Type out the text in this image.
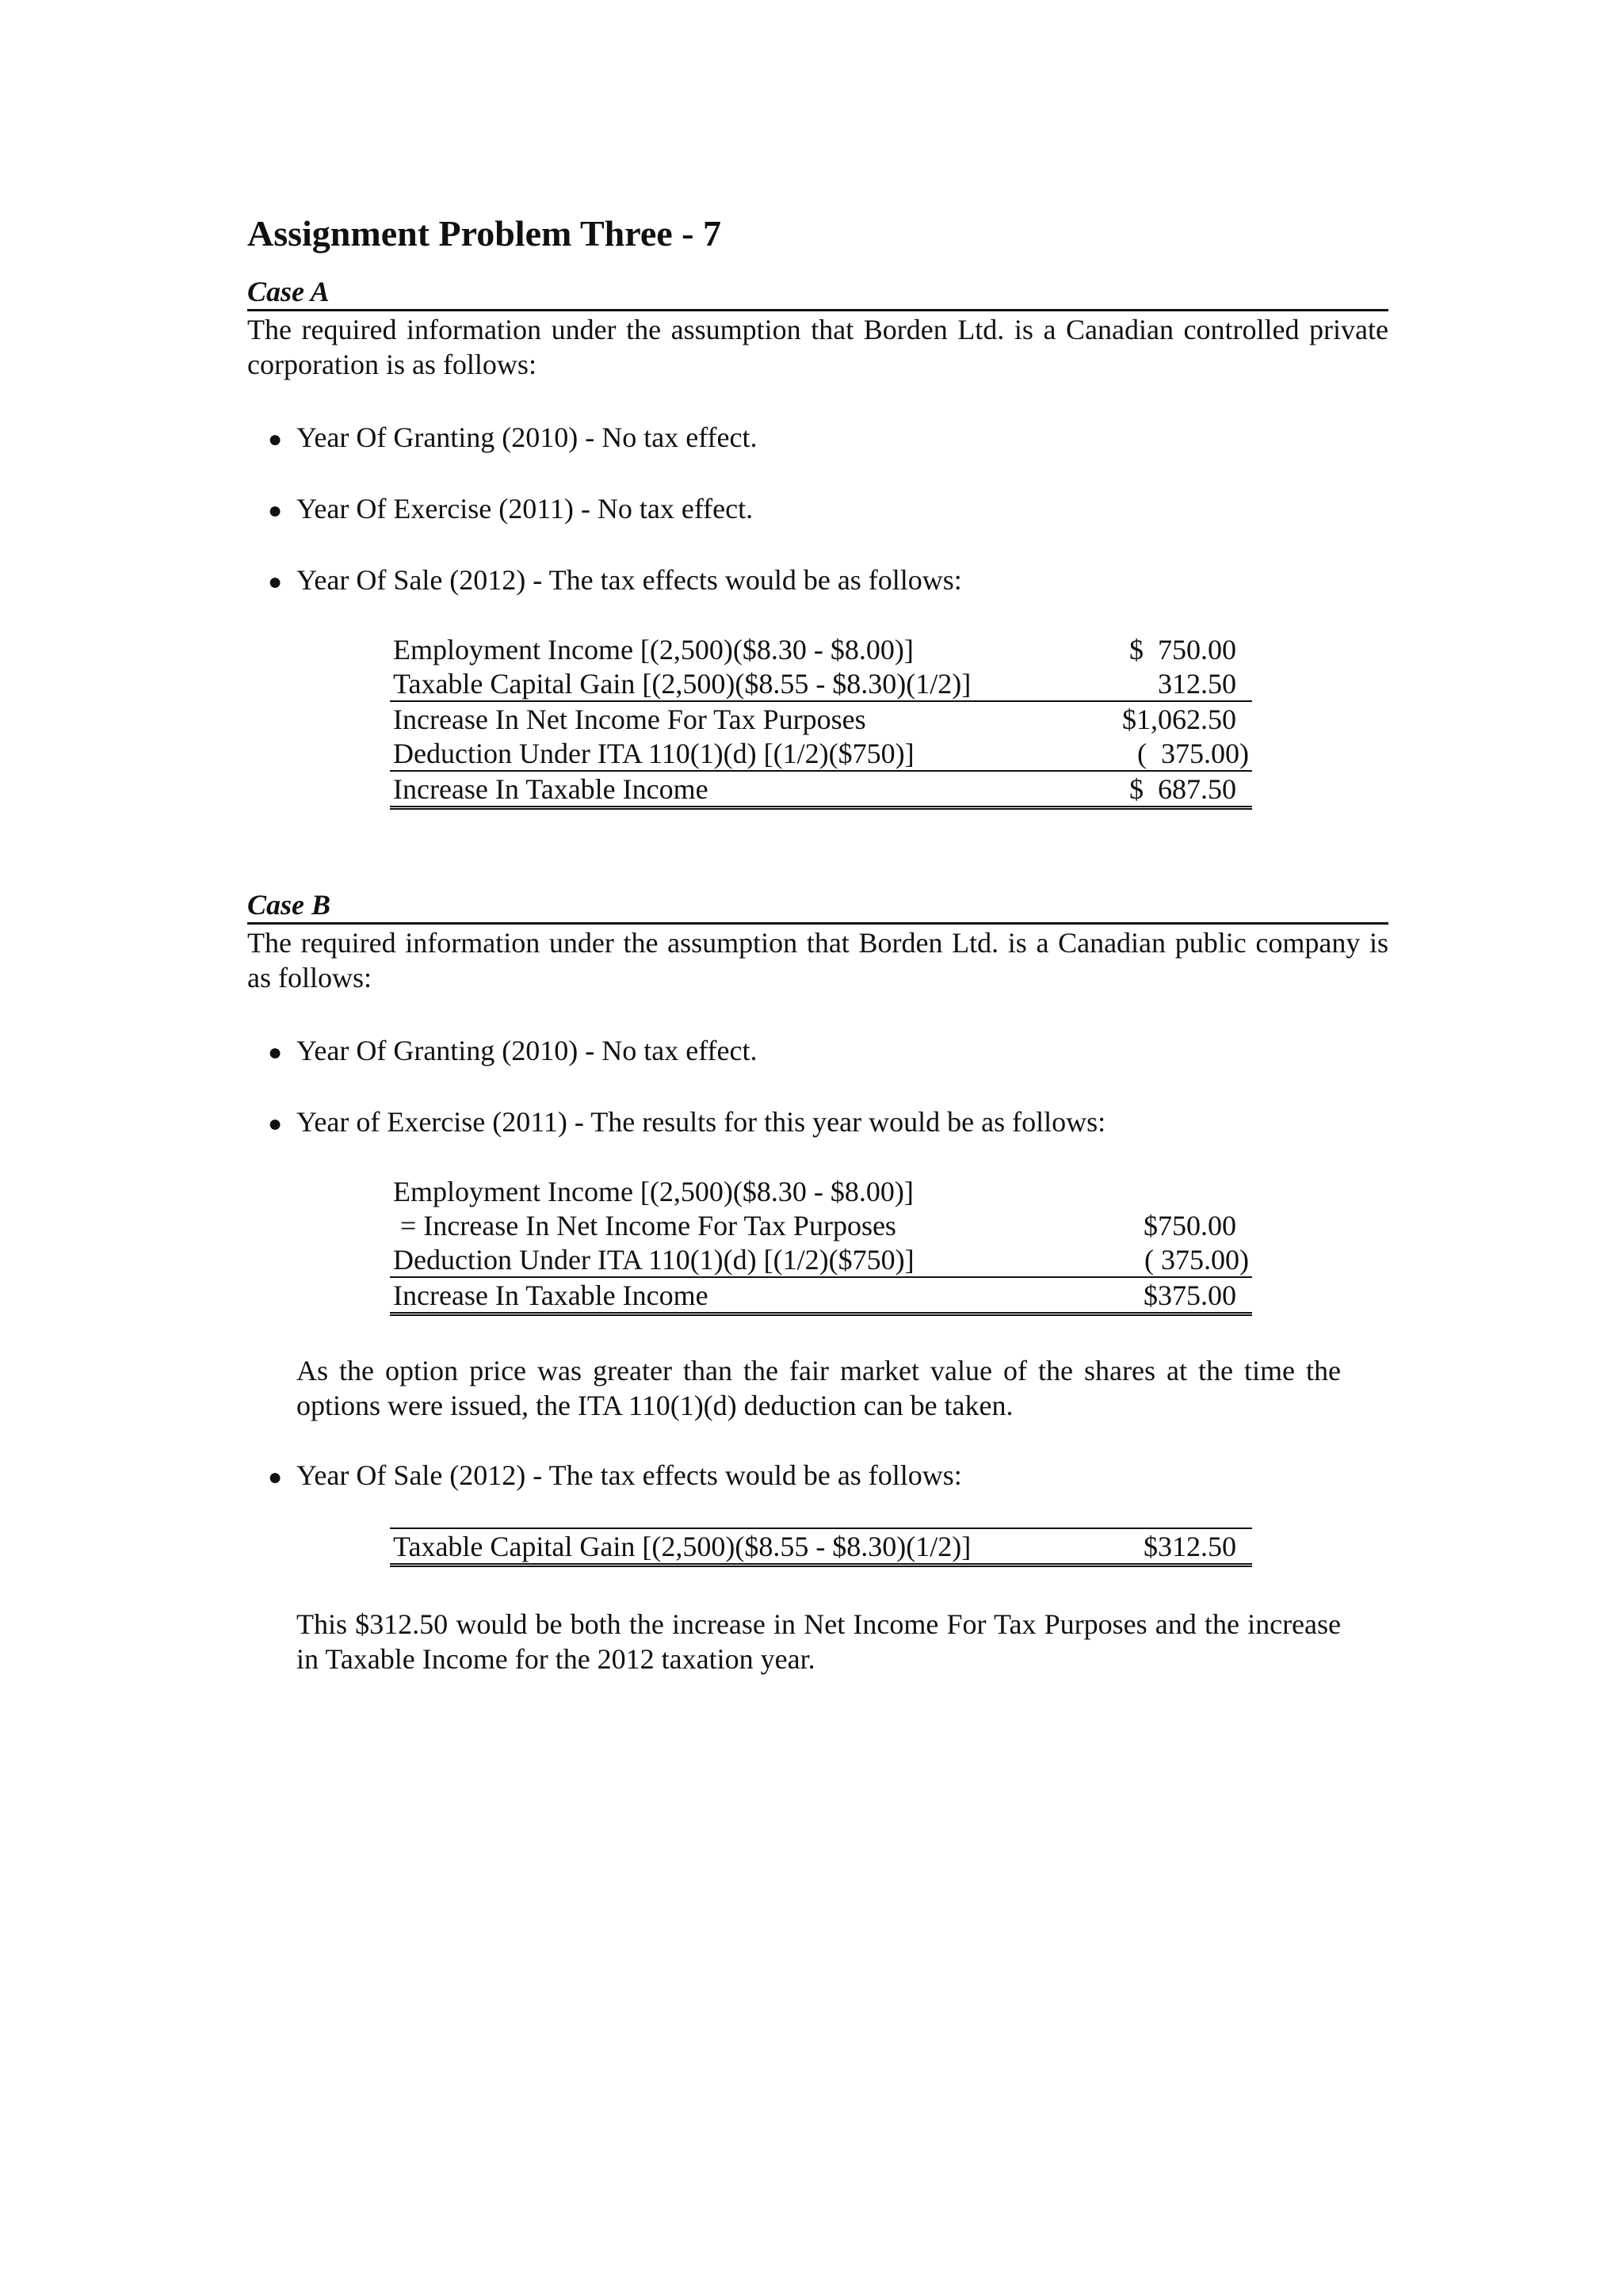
Assignment Problem Three - 7
Case A

The required information under the assumption that Borden Ltd. is a Canadian controlled private corporation is as follows:

● Year Of Granting (2010) - No tax effect.
● Year Of Exercise (2011) - No tax effect.
● Year Of Sale (2012) - The tax effects would be as follows:
Employment Income [(2,500)($8.30 - $8.00)]	$  750.00
Taxable Capital Gain [(2,500)($8.55 - $8.30)(1/2)]	312.50
Increase In Net Income For Tax Purposes	$1,062.50
Deduction Under ITA 110(1)(d) [(1/2)($750)]	(  375.00)
Increase In Taxable Income	$  687.50
Case B

The required information under the assumption that Borden Ltd. is a Canadian public company is as follows:

● Year Of Granting (2010) - No tax effect.
● Year of Exercise (2011) - The results for this year would be as follows:
Employment Income [(2,500)($8.30 - $8.00)]	
= Increase In Net Income For Tax Purposes	$750.00
Deduction Under ITA 110(1)(d) [(1/2)($750)]	( 375.00)
Increase In Taxable Income	$375.00

As the option price was greater than the fair market value of the shares at the time the options were issued, the ITA 110(1)(d) deduction can be taken.

● Year Of Sale (2012) - The tax effects would be as follows:
Taxable Capital Gain [(2,500)($8.55 - $8.30)(1/2)]	$312.50

This $312.50 would be both the increase in Net Income For Tax Purposes and the increase in Taxable Income for the 2012 taxation year.
